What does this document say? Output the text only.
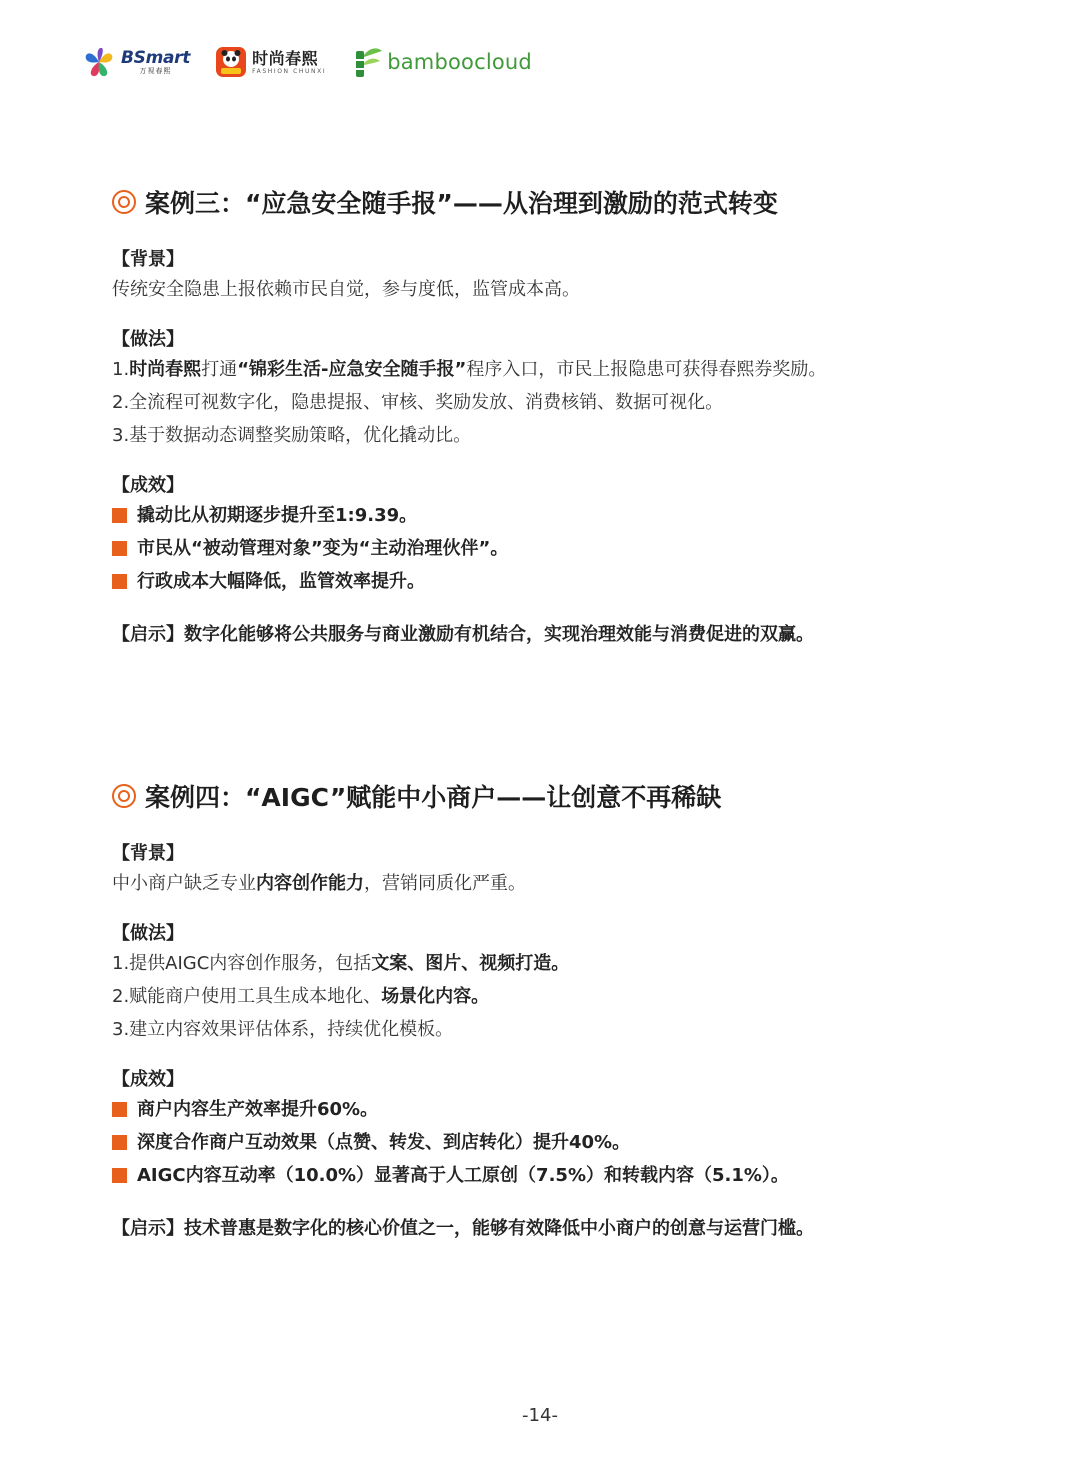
BSmart
万视春熙
时尚春熙
FASHION CHUNXI	bamboocloud
案例三：“应急安全随手报”——从治理到激励的范式转变
【背景】
传统安全隐患上报依赖市民自觉，参与度低，监管成本高。
【做法】
1.时尚春熙打通“锦彩生活-应急安全随手报”程序入口，市民上报隐患可获得春熙券奖励。
2.全流程可视数字化，隐患提报、审核、奖励发放、消费核销、数据可视化。
3.基于数据动态调整奖励策略，优化撬动比。
【成效】
撬动比从初期逐步提升至1:9.39。
市民从“被动管理对象”变为“主动治理伙伴”。
行政成本大幅降低，监管效率提升。
【启示】数字化能够将公共服务与商业激励有机结合，实现治理效能与消费促进的双赢。
案例四：“AIGC”赋能中小商户——让创意不再稀缺
【背景】
中小商户缺乏专业内容创作能力，营销同质化严重。
【做法】
1.提供AIGC内容创作服务，包括文案、图片、视频打造。
2.赋能商户使用工具生成本地化、场景化内容。
3.建立内容效果评估体系，持续优化模板。
【成效】
商户内容生产效率提升60%。
深度合作商户互动效果（点赞、转发、到店转化）提升40%。
AIGC内容互动率（10.0%）显著高于人工原创（7.5%）和转载内容（5.1%）。
【启示】技术普惠是数字化的核心价值之一，能够有效降低中小商户的创意与运营门槛。
-14-
